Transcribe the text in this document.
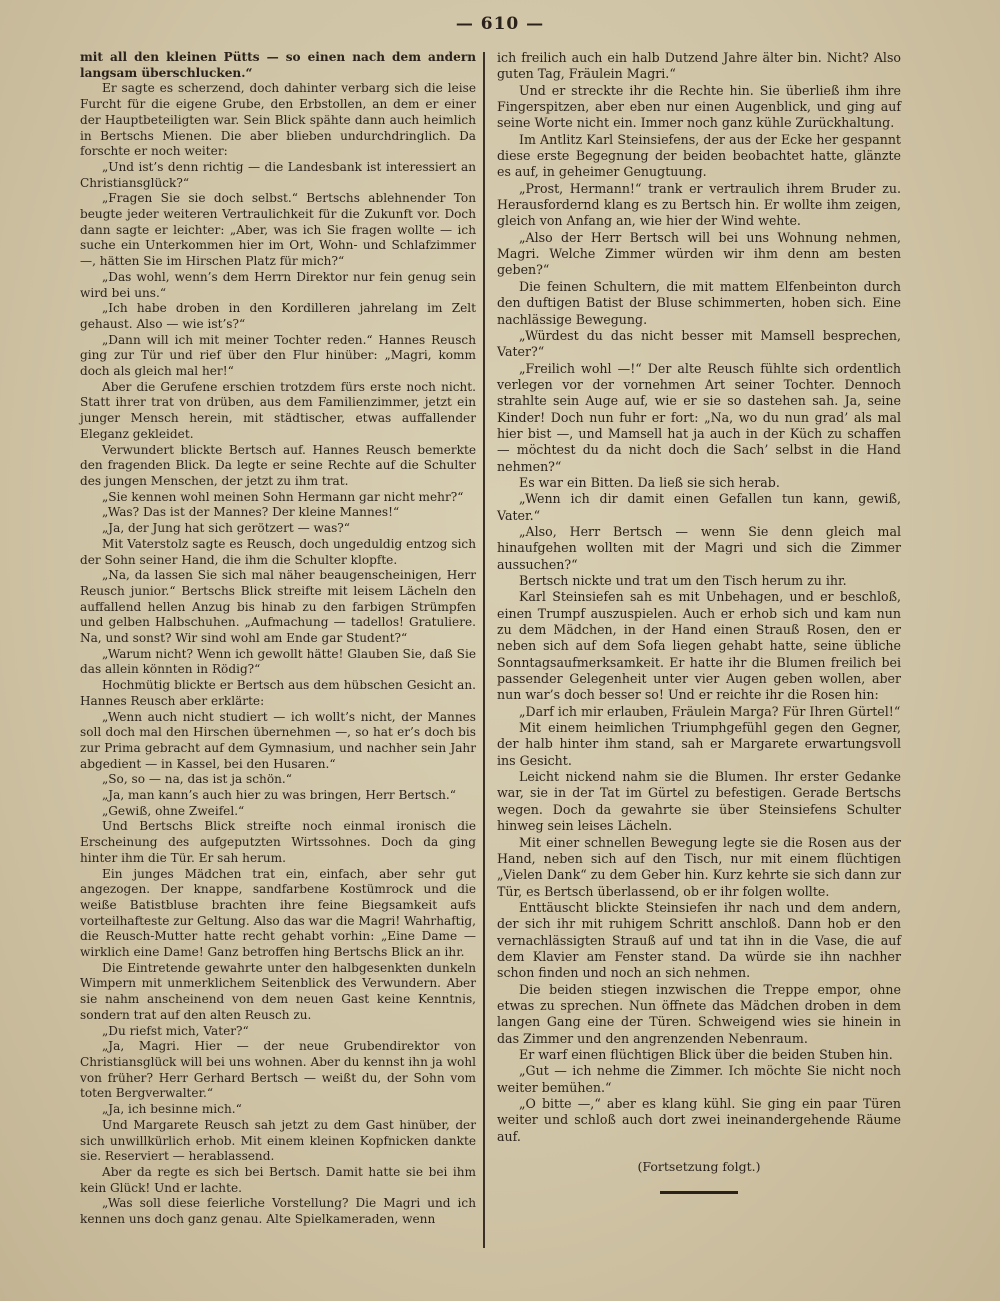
— 610 —

mit all den kleinen Pütts — so einen nach dem andern langsam überschlucken.“

Er sagte es scherzend, doch dahinter verbarg sich die leise Furcht für die eigene Grube, den Erbstollen, an dem er einer der Hauptbeteiligten war. Sein Blick spähte dann auch heimlich in Bertschs Mienen. Die aber blieben undurchdringlich. Da forschte er noch weiter:

„Und ist’s denn richtig — die Landesbank ist interessiert an Christiansglück?“

„Fragen Sie sie doch selbst.“ Bertschs ablehnender Ton beugte jeder weiteren Vertraulichkeit für die Zukunft vor. Doch dann sagte er leichter: „Aber, was ich Sie fragen wollte — ich suche ein Unterkommen hier im Ort, Wohn- und Schlafzimmer —, hätten Sie im Hirschen Platz für mich?“

„Das wohl, wenn’s dem Herrn Direktor nur fein genug sein wird bei uns.“

„Ich habe droben in den Kordilleren jahrelang im Zelt gehaust. Also — wie ist’s?“

„Dann will ich mit meiner Tochter reden.“ Hannes Reusch ging zur Tür und rief über den Flur hinüber: „Magri, komm doch als gleich mal her!“

Aber die Gerufene erschien trotzdem fürs erste noch nicht. Statt ihrer trat von drüben, aus dem Familienzimmer, jetzt ein junger Mensch herein, mit städtischer, etwas auffallender Eleganz gekleidet.

Verwundert blickte Bertsch auf. Hannes Reusch bemerkte den fragenden Blick. Da legte er seine Rechte auf die Schulter des jungen Menschen, der jetzt zu ihm trat.

„Sie kennen wohl meinen Sohn Hermann gar nicht mehr?“

„Was? Das ist der Mannes? Der kleine Mannes!“

„Ja, der Jung hat sich gerötzert — was?“

Mit Vaterstolz sagte es Reusch, doch ungeduldig entzog sich der Sohn seiner Hand, die ihm die Schulter klopfte.

„Na, da lassen Sie sich mal näher beaugenscheinigen, Herr Reusch junior.“ Bertschs Blick streifte mit leisem Lächeln den auffallend hellen Anzug bis hinab zu den farbigen Strümpfen und gelben Halbschuhen. „Aufmachung — tadellos! Gratuliere. Na, und sonst? Wir sind wohl am Ende gar Student?“

„Warum nicht? Wenn ich gewollt hätte! Glauben Sie, daß Sie das allein könnten in Rödig?“

Hochmütig blickte er Bertsch aus dem hübschen Gesicht an. Hannes Reusch aber erklärte:

„Wenn auch nicht studiert — ich wollt’s nicht, der Mannes soll doch mal den Hirschen übernehmen —, so hat er’s doch bis zur Prima gebracht auf dem Gymnasium, und nachher sein Jahr abgedient — in Kassel, bei den Husaren.“

„So, so — na, das ist ja schön.“

„Ja, man kann’s auch hier zu was bringen, Herr Bertsch.“

„Gewiß, ohne Zweifel.“

Und Bertschs Blick streifte noch einmal ironisch die Erscheinung des aufgeputzten Wirtssohnes. Doch da ging hinter ihm die Tür. Er sah herum.

Ein junges Mädchen trat ein, einfach, aber sehr gut angezogen. Der knappe, sandfarbene Kostümrock und die weiße Batistbluse brachten ihre feine Biegsamkeit aufs vorteilhafteste zur Geltung. Also das war die Magri! Wahrhaftig, die Reusch-Mutter hatte recht gehabt vorhin: „Eine Dame — wirklich eine Dame! Ganz betroffen hing Bertschs Blick an ihr.

Die Eintretende gewahrte unter den halbgesenkten dunkeln Wimpern mit unmerklichem Seitenblick des Verwundern. Aber sie nahm anscheinend von dem neuen Gast keine Kenntnis, sondern trat auf den alten Reusch zu.

„Du riefst mich, Vater?“

„Ja, Magri. Hier — der neue Grubendirektor von Christiansglück will bei uns wohnen. Aber du kennst ihn ja wohl von früher? Herr Gerhard Bertsch — weißt du, der Sohn vom toten Bergverwalter.“

„Ja, ich besinne mich.“

Und Margarete Reusch sah jetzt zu dem Gast hinüber, der sich unwillkürlich erhob. Mit einem kleinen Kopfnicken dankte sie. Reserviert — herablassend.

Aber da regte es sich bei Bertsch. Damit hatte sie bei ihm kein Glück! Und er lachte.

„Was soll diese feierliche Vorstellung? Die Magri und ich kennen uns doch ganz genau. Alte Spielkameraden, wenn

ich freilich auch ein halb Dutzend Jahre älter bin. Nicht? Also guten Tag, Fräulein Magri.“

Und er streckte ihr die Rechte hin. Sie überließ ihm ihre Fingerspitzen, aber eben nur einen Augenblick, und ging auf seine Worte nicht ein. Immer noch ganz kühle Zurückhaltung.

Im Antlitz Karl Steinsiefens, der aus der Ecke her gespannt diese erste Begegnung der beiden beobachtet hatte, glänzte es auf, in geheimer Genugtuung.

„Prost, Hermann!“ trank er vertraulich ihrem Bruder zu. Herausfordernd klang es zu Bertsch hin. Er wollte ihm zeigen, gleich von Anfang an, wie hier der Wind wehte.

„Also der Herr Bertsch will bei uns Wohnung nehmen, Magri. Welche Zimmer würden wir ihm denn am besten geben?“

Die feinen Schultern, die mit mattem Elfenbeinton durch den duftigen Batist der Bluse schimmerten, hoben sich. Eine nachlässige Bewegung.

„Würdest du das nicht besser mit Mamsell besprechen, Vater?“

„Freilich wohl —!“ Der alte Reusch fühlte sich ordentlich verlegen vor der vornehmen Art seiner Tochter. Dennoch strahlte sein Auge auf, wie er sie so dastehen sah. Ja, seine Kinder! Doch nun fuhr er fort: „Na, wo du nun grad’ als mal hier bist —, und Mamsell hat ja auch in der Küch zu schaffen — möchtest du da nicht doch die Sach’ selbst in die Hand nehmen?“

Es war ein Bitten. Da ließ sie sich herab.

„Wenn ich dir damit einen Gefallen tun kann, gewiß, Vater.“

„Also, Herr Bertsch — wenn Sie denn gleich mal hinaufgehen wollten mit der Magri und sich die Zimmer aussuchen?“

Bertsch nickte und trat um den Tisch herum zu ihr.

Karl Steinsiefen sah es mit Unbehagen, und er beschloß, einen Trumpf auszuspielen. Auch er erhob sich und kam nun zu dem Mädchen, in der Hand einen Strauß Rosen, den er neben sich auf dem Sofa liegen gehabt hatte, seine übliche Sonntagsaufmerksamkeit. Er hatte ihr die Blumen freilich bei passender Gelegenheit unter vier Augen geben wollen, aber nun war’s doch besser so! Und er reichte ihr die Rosen hin:

„Darf ich mir erlauben, Fräulein Marga? Für Ihren Gürtel!“

Mit einem heimlichen Triumphgefühl gegen den Gegner, der halb hinter ihm stand, sah er Margarete erwartungsvoll ins Gesicht.

Leicht nickend nahm sie die Blumen. Ihr erster Gedanke war, sie in der Tat im Gürtel zu befestigen. Gerade Bertschs wegen. Doch da gewahrte sie über Steinsiefens Schulter hinweg sein leises Lächeln.

Mit einer schnellen Bewegung legte sie die Rosen aus der Hand, neben sich auf den Tisch, nur mit einem flüchtigen „Vielen Dank“ zu dem Geber hin. Kurz kehrte sie sich dann zur Tür, es Bertsch überlassend, ob er ihr folgen wollte.

Enttäuscht blickte Steinsiefen ihr nach und dem andern, der sich ihr mit ruhigem Schritt anschloß. Dann hob er den vernachlässigten Strauß auf und tat ihn in die Vase, die auf dem Klavier am Fenster stand. Da würde sie ihn nachher schon finden und noch an sich nehmen.

Die beiden stiegen inzwischen die Treppe empor, ohne etwas zu sprechen. Nun öffnete das Mädchen droben in dem langen Gang eine der Türen. Schweigend wies sie hinein in das Zimmer und den angrenzenden Nebenraum.

Er warf einen flüchtigen Blick über die beiden Stuben hin.

„Gut — ich nehme die Zimmer. Ich möchte Sie nicht noch weiter bemühen.“

„O bitte —,“ aber es klang kühl. Sie ging ein paar Türen weiter und schloß auch dort zwei ineinandergehende Räume auf.

(Fortsetzung folgt.)
